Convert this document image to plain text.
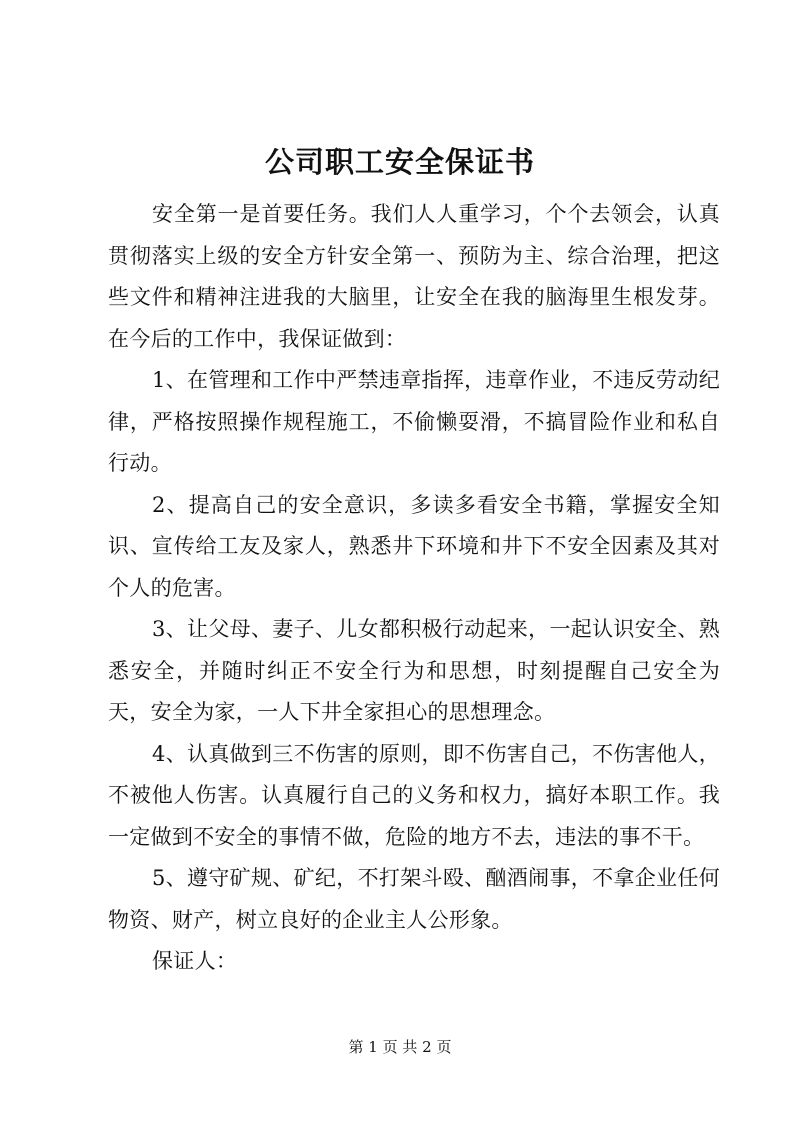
公司职工安全保证书

安全第一是首要任务。我们人人重学习，个个去领会，认真贯彻落实上级的安全方针安全第一、预防为主、综合治理，把这些文件和精神注进我的大脑里，让安全在我的脑海里生根发芽。在今后的工作中，我保证做到：

1、在管理和工作中严禁违章指挥，违章作业，不违反劳动纪律，严格按照操作规程施工，不偷懒耍滑，不搞冒险作业和私自行动。

2、提高自己的安全意识，多读多看安全书籍，掌握安全知识、宣传给工友及家人，熟悉井下环境和井下不安全因素及其对个人的危害。

3、让父母、妻子、儿女都积极行动起来，一起认识安全、熟悉安全，并随时纠正不安全行为和思想，时刻提醒自己安全为天，安全为家，一人下井全家担心的思想理念。

4、认真做到三不伤害的原则，即不伤害自己，不伤害他人，不被他人伤害。认真履行自己的义务和权力，搞好本职工作。我一定做到不安全的事情不做，危险的地方不去，违法的事不干。

5、遵守矿规、矿纪，不打架斗殴、酗酒闹事，不拿企业任何物资、财产，树立良好的企业主人公形象。

保证人：

第 1 页 共 2 页
